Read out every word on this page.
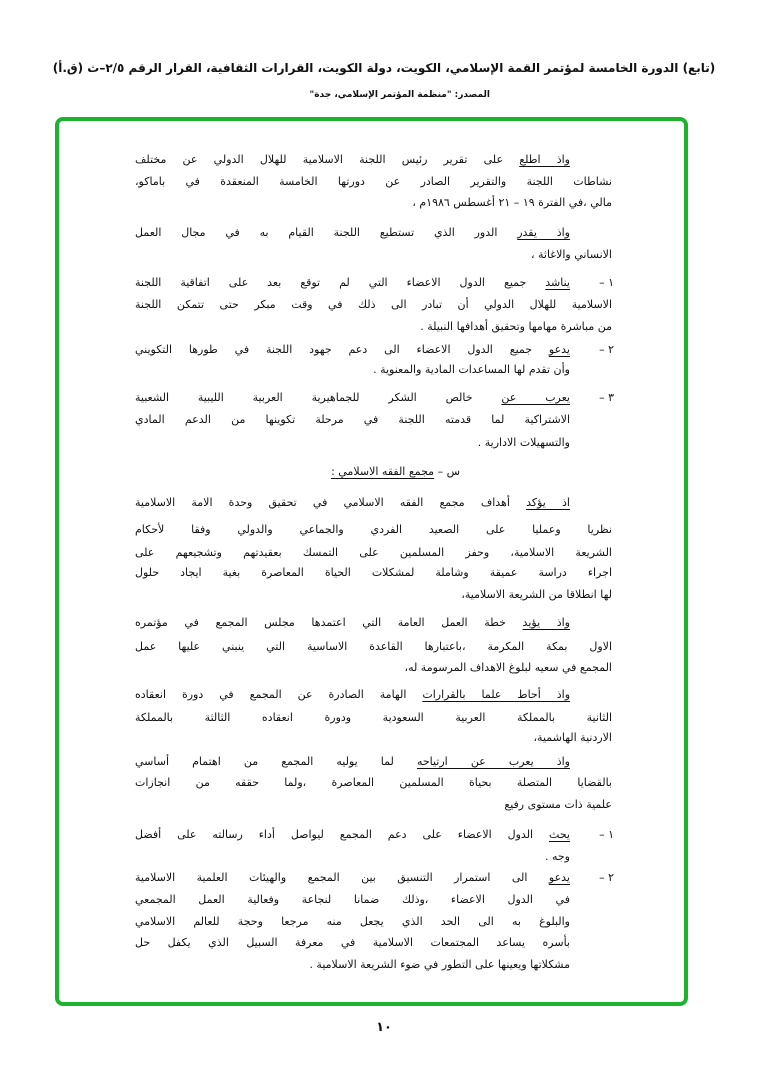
(تابع) الدورة الخامسة لمؤتمر القمة الإسلامي، الكويت، دولة الكويت، القرارات الثقافية، القرار الرقم ٢/٥–ث (ق.أ)
المصدر: "منظمة المؤتمر الإسلامي، جدة"
واذ اطلع على تقرير رئيس اللجنة الاسلامية للهلال الدولي عن مختلف
نشاطات اللجنة والتقرير الصادر عن دورتها الخامسة المنعقدة في باماكو،
مالي ،في الفترة ١٩ – ٢١ أغسطس ١٩٨٦م ،
واذ يقدر الدور الذي تستطيع اللجنة القيام به في مجال العمل
الانساني والاغاثة ،
١ –
يناشد جميع الدول الاعضاء التي لم توقع بعد على اتفاقية اللجنة
الاسلامية للهلال الدولي أن تبادر الى ذلك في وقت مبكر حتى تتمكن اللجنة
من مباشرة مهامها وتحقيق أهدافها النبيلة .
٢ –
يدعو جميع الدول الاعضاء الى دعم جهود اللجنة في طورها التكويني
وأن تقدم لها المساعدات المادية والمعنوية .
٣ –
يعرب عن خالص الشكر للجماهيرية العربية الليبية الشعبية
الاشتراكية لما قدمته اللجنة في مرحلة تكوينها من الدعم المادي
والتسهيلات الادارية .
اذ يؤكد أهداف مجمع الفقه الاسلامي في تحقيق وحدة الامة الاسلامية
نظريا وعمليا على الصعيد الفردي والجماعي والدولي وفقا لأحكام
الشريعة الاسلامية، وحفز المسلمين على التمسك بعقيدتهم وتشجيعهم على
اجراء دراسة عميقة وشاملة لمشكلات الحياة المعاصرة بغية ايجاد حلول
لها انطلاقا من الشريعة الاسلامية،
واذ يؤيد خطة العمل العامة التي اعتمدها مجلس المجمع في مؤتمره
الاول بمكة المكرمة ،باعتبارها القاعدة الاساسية التي ينبني عليها عمل
المجمع في سعيه لبلوغ الاهداف المرسومة له،
واذ أحاط علما بالقرارات الهامة الصادرة عن المجمع في دورة انعقاده
الثانية بالمملكة العربية السعودية ودورة انعقاده الثالثة بالمملكة
الاردنية الهاشمية،
واذ يعرب عن ارتياحه لما يوليه المجمع من اهتمام أساسي
بالقضايا المتصلة بحياة المسلمين المعاصرة ،ولما حققه من انجازات
علمية ذات مستوى رفيع
١ –
يحث الدول الاعضاء على دعم المجمع ليواصل أداء رسالته على أفضل
وجه .
٢ –
يدعو الى استمرار التنسيق بين المجمع والهيئات العلمية الاسلامية
في الدول الاعضاء ،وذلك ضمانا لنجاعة وفعالية العمل المجمعي
والبلوغ به الى الحد الذي يجعل منه مرجعا وحجة للعالم الاسلامي
بأسره يساعد المجتمعات الاسلامية في معرفة السبيل الذي يكفل حل
مشكلاتها ويعينها على التطور في ضوء الشريعة الاسلامية .
س – مجمع الفقه الاسلامي :
١٠
